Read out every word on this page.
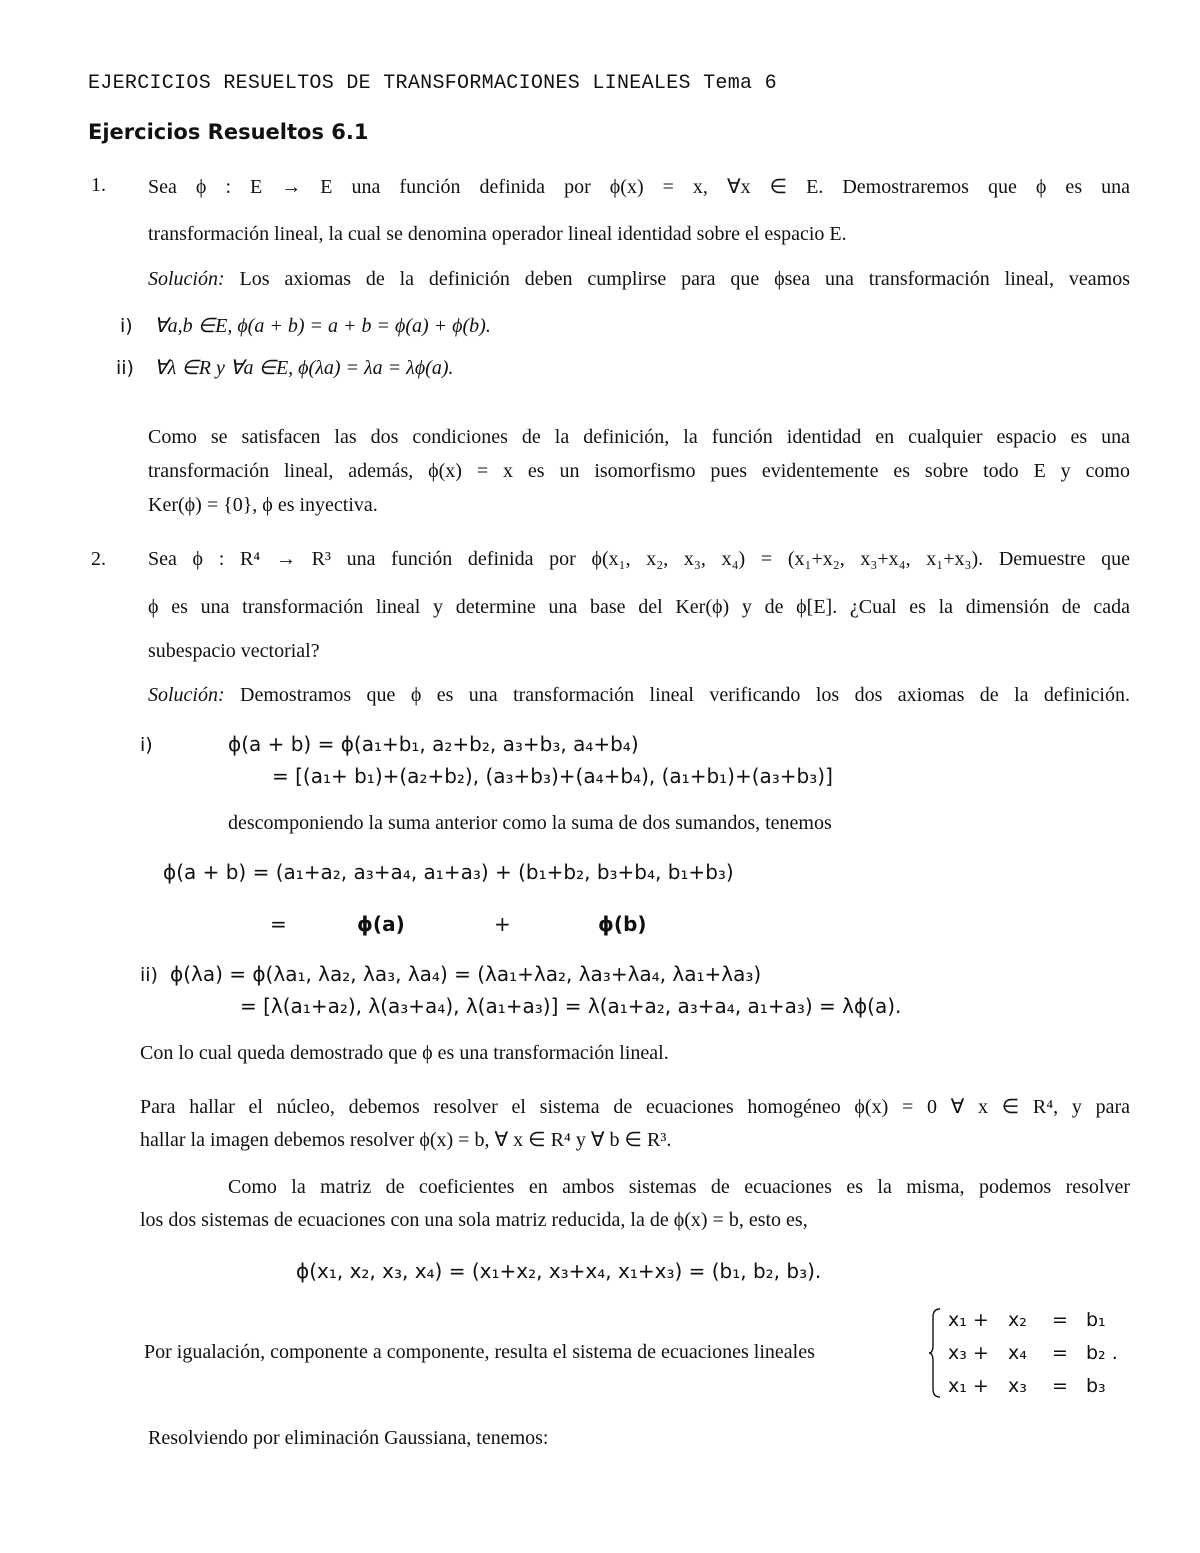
EJERCICIOS RESUELTOS DE TRANSFORMACIONES LINEALES Tema 6
Ejercicios Resueltos 6.1
1. Sea ϕ : E → E una función definida por ϕ(x) = x, ∀x ∈ E. Demostraremos que ϕ es una
transformación lineal, la cual se denomina operador lineal identidad sobre el espacio E.
Solución: Los axiomas de la definición deben cumplirse para que ϕsea una transformación lineal, veamos
i) ∀a,b ∈E, ϕ(a + b) = a + b = ϕ(a) + ϕ(b).
ii) ∀λ ∈R y ∀a ∈E, ϕ(λa) = λa = λϕ(a).
Como se satisfacen las dos condiciones de la definición, la función identidad en cualquier espacio es una
transformación lineal, además, ϕ(x) = x es un isomorfismo pues evidentemente es sobre todo E y como
Ker(ϕ) = {0}, ϕ es inyectiva.
2. Sea ϕ : R⁴ → R³ una función definida por ϕ(x₁, x₂, x₃, x₄) = (x₁+x₂, x₃+x₄, x₁+x₃). Demuestre que
ϕ es una transformación lineal y determine una base del Ker(ϕ) y de ϕ[E]. ¿Cual es la dimensión de cada
subespacio vectorial?
Solución: Demostramos que ϕ es una transformación lineal verificando los dos axiomas de la definición.
i)	ϕ(a + b) = ϕ(a₁+b₁, a₂+b₂, a₃+b₃, a₄+b₄)
= [(a₁+ b₁)+(a₂+b₂), (a₃+b₃)+(a₄+b₄), (a₁+b₁)+(a₃+b₃)]
descomponiendo la suma anterior como la suma de dos sumandos, tenemos
ϕ(a + b) = (a₁+a₂, a₃+a₄, a₁+a₃) + (b₁+b₂, b₃+b₄, b₁+b₃)
=	ϕ(a)	+	ϕ(b)
ii) ϕ(λa) = ϕ(λa₁, λa₂, λa₃, λa₄) = (λa₁+λa₂, λa₃+λa₄, λa₁+λa₃)
= [λ(a₁+a₂), λ(a₃+a₄), λ(a₁+a₃)] = λ(a₁+a₂, a₃+a₄, a₁+a₃) = λϕ(a).
Con lo cual queda demostrado que ϕ es una transformación lineal.
Para hallar el núcleo, debemos resolver el sistema de ecuaciones homogéneo ϕ(x) = 0 ∀ x ∈ R⁴, y para
hallar la imagen debemos resolver ϕ(x) = b, ∀ x ∈ R⁴ y ∀ b ∈ R³.
Como la matriz de coeficientes en ambos sistemas de ecuaciones es la misma, podemos resolver
los dos sistemas de ecuaciones con una sola matriz reducida, la de ϕ(x) = b, esto es,
ϕ(x₁, x₂, x₃, x₄) = (x₁+x₂, x₃+x₄, x₁+x₃) = (b₁, b₂, b₃).
Por igualación, componente a componente, resulta el sistema de ecuaciones lineales
x₁ + x₂ = b₁
x₃ + x₄ = b₂ .
x₁ + x₃ = b₃
Resolviendo por eliminación Gaussiana, tenemos:
